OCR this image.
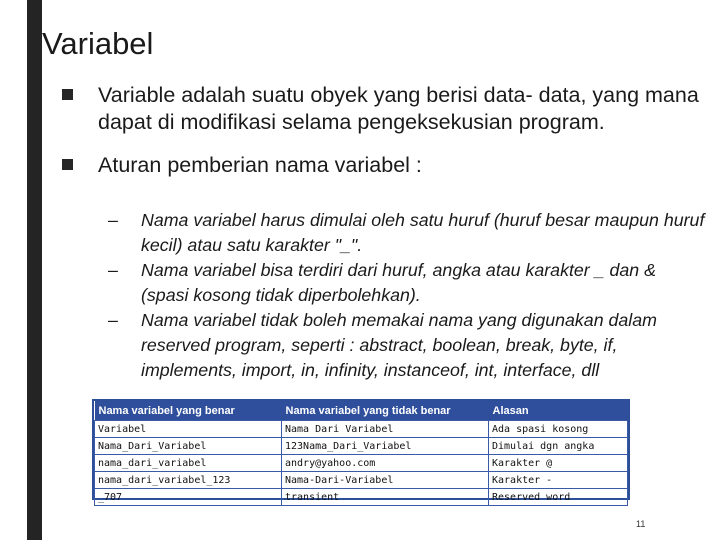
Variabel
Variable adalah suatu obyek yang berisi data- data, yang mana dapat di modifikasi selama pengeksekusian program.
Aturan pemberian nama variabel :
– Nama variabel harus dimulai oleh satu huruf (huruf besar maupun huruf kecil) atau satu karakter "_".
– Nama variabel bisa terdiri dari huruf, angka atau karakter _ dan & (spasi kosong tidak diperbolehkan).
– Nama variabel tidak boleh memakai nama yang digunakan dalam reserved program, seperti : abstract, boolean, break, byte, if, implements, import, in, infinity, instanceof, int, interface, dll
Nama variabel yang benar	Nama variabel yang tidak benar	Alasan
Variabel	Nama Dari Variabel	Ada spasi kosong
Nama_Dari_Variabel	123Nama_Dari_Variabel	Dimulai dgn angka
nama_dari_variabel	andry@yahoo.com	Karakter @
nama_dari_variabel_123	Nama-Dari-Variabel	Karakter -
_707	transient	Reserved word
11
